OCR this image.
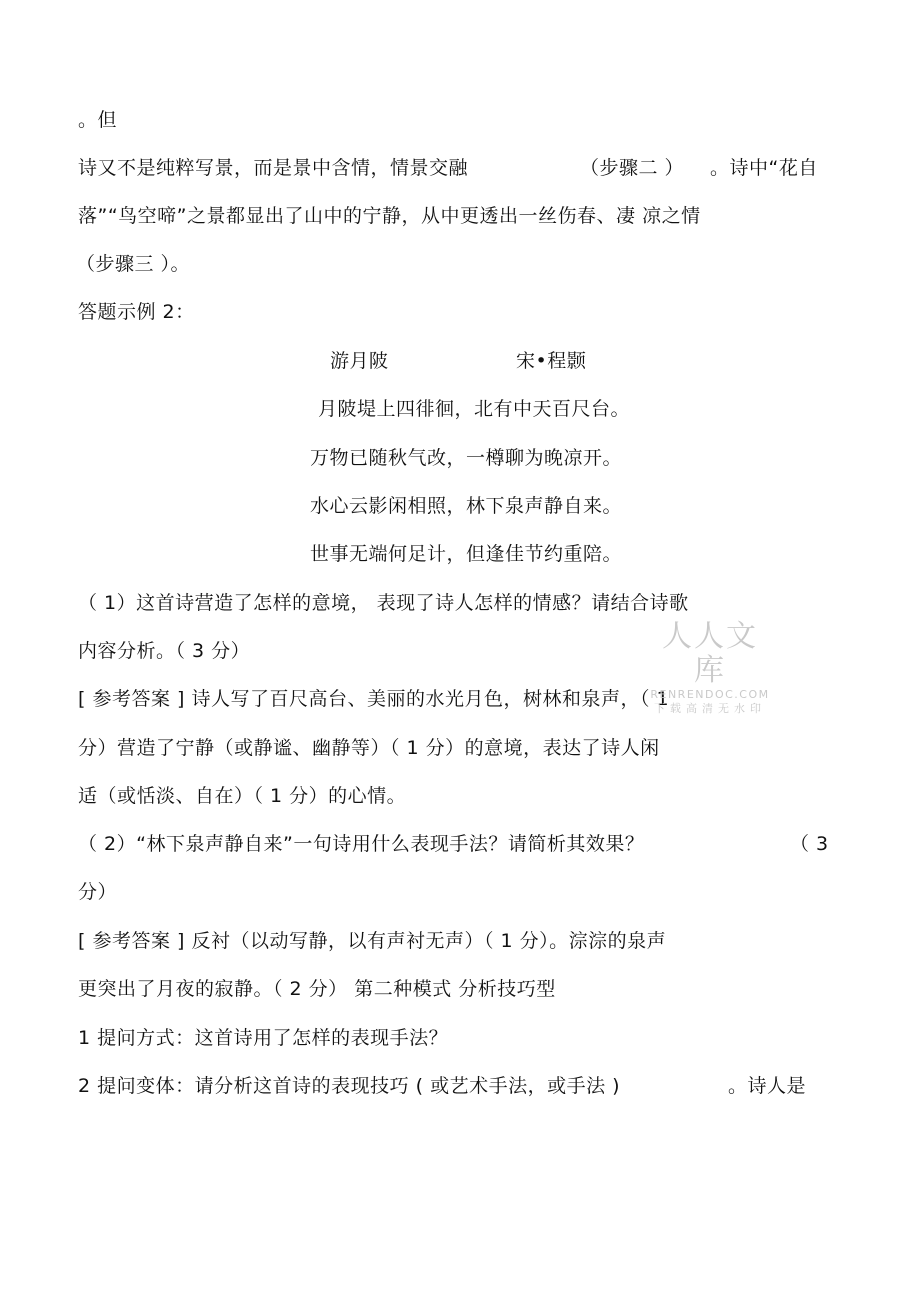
。但
诗又不是纯粹写景，而是景中含情，情景交融	（步骤二 ） 。诗中“花自
落”“鸟空啼”之景都显出了山中的宁静，从中更透出一丝伤春、凄 凉之情
（步骤三 ）。
答题示例 2：
游月陂	宋•程颢
月陂堤上四徘徊，北有中天百尺台。
万物已随秋气改，一樽聊为晚凉开。
水心云影闲相照，林下泉声静自来。
世事无端何足计，但逢佳节约重陪。
（ 1）这首诗营造了怎样的意境， 表现了诗人怎样的情感？请结合诗歌
内容分析。（ 3 分）
[ 参考答案 ] 诗人写了百尺高台、美丽的水光月色，树林和泉声，（ 1
分）营造了宁静（或静谧、幽静等）（ 1 分）的意境，表达了诗人闲
适（或恬淡、自在）（ 1 分）的心情。
（ 2）“林下泉声静自来”一句诗用什么表现手法？请简析其效果？	（ 3
分）
[ 参考答案 ] 反衬（以动写静，以有声衬无声）（ 1 分）。淙淙的泉声
更突出了月夜的寂静。（ 2 分） 第二种模式 分析技巧型
1 提问方式：这首诗用了怎样的表现手法？
2 提问变体：请分析这首诗的表现技巧 ( 或艺术手法，或手法 )	。诗人是
人人文库
RENRENDOC.COM
下载高清无水印
